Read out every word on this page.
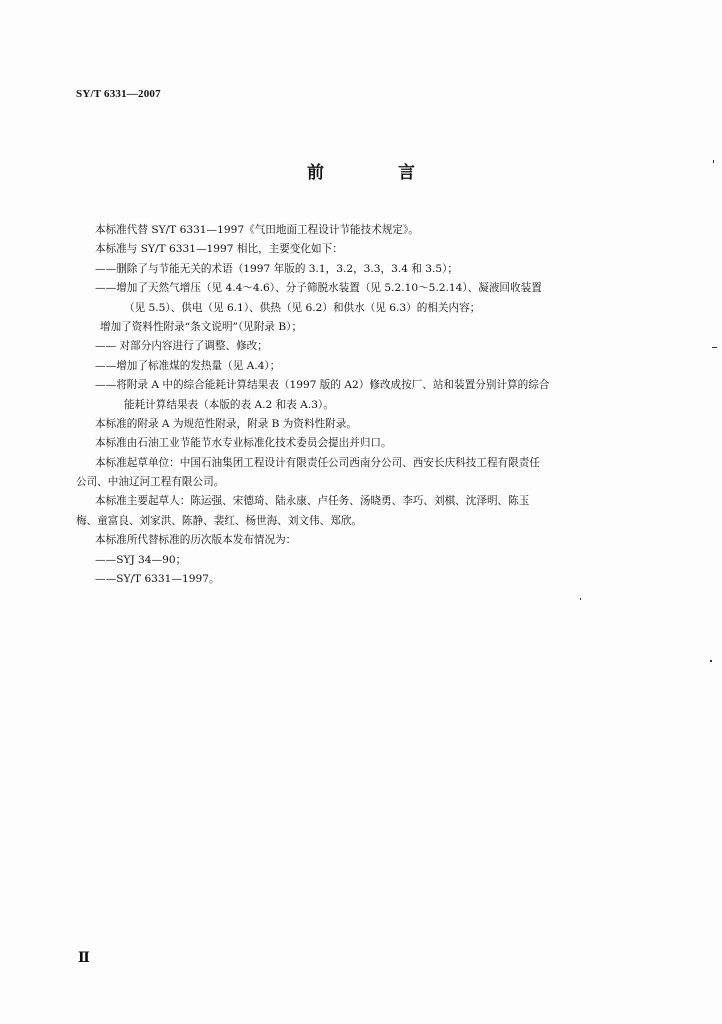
SY/T 6331—2007
前 言
本标准代替 SY/T 6331—1997《气田地面工程设计节能技术规定》。
本标准与 SY/T 6331—1997 相比，主要变化如下：
——删除了与节能无关的术语（1997 年版的 3.1，3.2，3.3，3.4 和 3.5）；
——增加了天然气增压（见 4.4～4.6）、分子筛脱水装置（见 5.2.10～5.2.14）、凝液回收装置
（见 5.5）、供电（见 6.1）、供热（见 6.2）和供水（见 6.3）的相关内容；
增加了资料性附录“条文说明”（见附录 B）；
—— 对部分内容进行了调整、修改；
——增加了标准煤的发热量（见 A.4）；
——将附录 A 中的综合能耗计算结果表（1997 版的 A2）修改成按厂、站和装置分别计算的综合
能耗计算结果表（本版的表 A.2 和表 A.3）。
本标准的附录 A 为规范性附录，附录 B 为资料性附录。
本标准由石油工业节能节水专业标准化技术委员会提出并归口。
本标准起草单位：中国石油集团工程设计有限责任公司西南分公司、西安长庆科技工程有限责任
公司、中油辽河工程有限公司。
本标准主要起草人：陈运强、宋德琦、陆永康、卢任务、汤晓勇、李巧、刘棋、沈泽明、陈玉
梅、童富良、刘家洪、陈静、裴红、杨世海、刘文伟、郑欣。
本标准所代替标准的历次版本发布情况为：
——SYJ 34—90；
——SY/T 6331—1997。
Ⅱ
